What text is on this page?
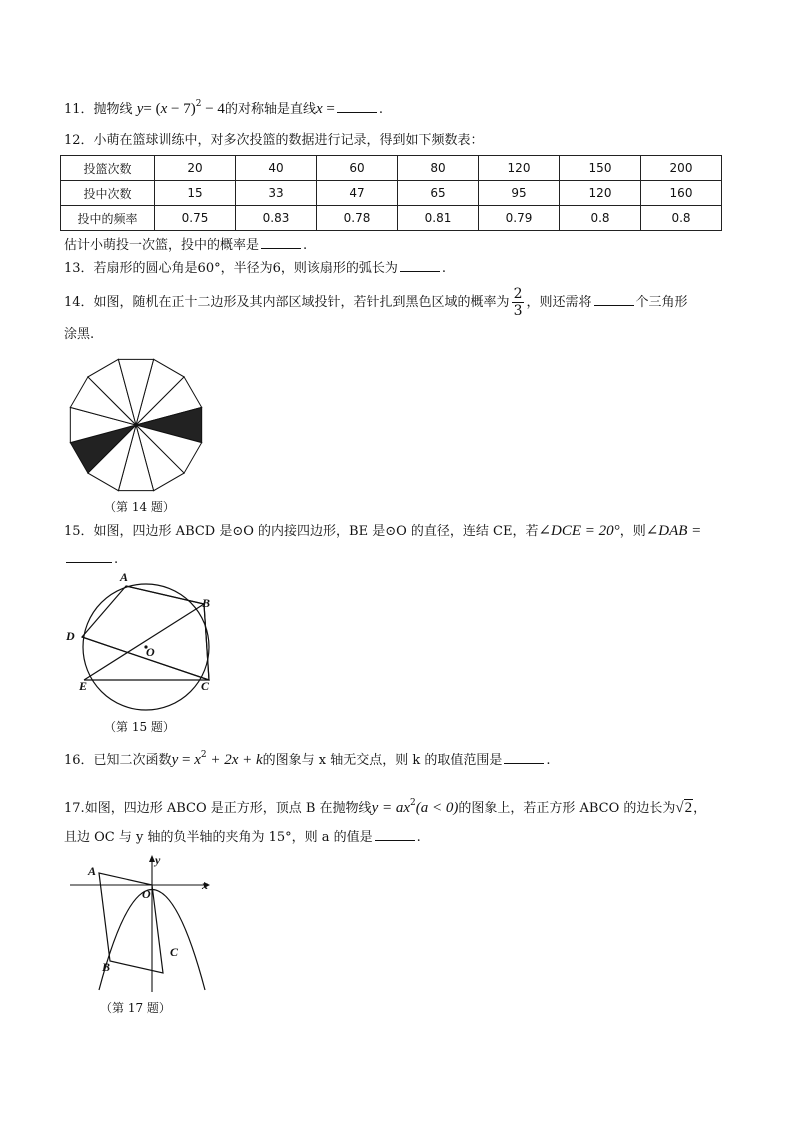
11．抛物线 $y= (x - 7)^2 - 4$的对称轴是直线x =	.
12．小萌在篮球训练中，对多次投篮的数据进行记录，得到如下频数表：
投篮次数	20	40	60	80	120	150	200
投中次数	15	33	47	65	95	120	160
投中的频率	0.75	0.83	0.78	0.81	0.79	0.8	0.8
估计小萌投一次篮，投中的概率是	.
13．若扇形的圆心角是60°，半径为6，则该扇形的弧长为	.
14．如图，随机在正十二边形及其内部区域投针，若针扎到黑色区域的概率为 $\frac{2}{3}$ ，则还需将	个三角形
涂黑.
（第 14 题）
15．如图，四边形 ABCD 是⊙O 的内接四边形，BE 是⊙O 的直径，连结 CE，若∠DCE = 20°，则∠DAB =
.
A
B
C
D
E
O
（第 15 题）
16．已知二次函数$y = x^2 + 2x + k$的图象与 x 轴无交点，则 k 的取值范围是	.
17.如图，四边形 ABCO 是正方形，顶点 B 在抛物线$y = ax^2(a < 0)$的图象上，若正方形 ABCO 的边长为√2，
且边 OC 与 y 轴的负半轴的夹角为 15°，则 a 的值是	.
y
x
O
A
B
C
（第 17 题）
